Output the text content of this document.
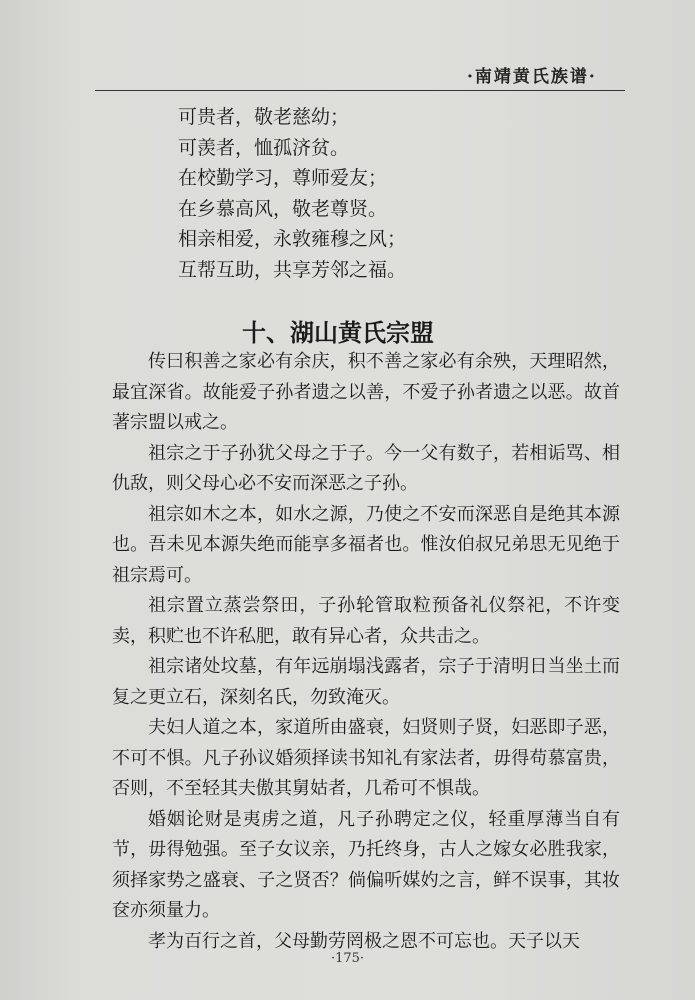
·南靖黄氏族谱·
可贵者，敬老慈幼；
可羡者，恤孤济贫。
在校勤学习，尊师爱友；
在乡慕高风，敬老尊贤。
相亲相爱，永敦雍穆之风；
互帮互助，共享芳邻之福。
十、湖山黄氏宗盟

传曰积善之家必有余庆，积不善之家必有余殃，天理昭然，最宜深省。故能爱子孙者遗之以善，不爱子孙者遗之以恶。故首著宗盟以戒之。

祖宗之于子孙犹父母之于子。今一父有数子，若相诟骂、相仇敌，则父母心必不安而深恶之子孙。

祖宗如木之本，如水之源，乃使之不安而深恶自是绝其本源也。吾未见本源失绝而能享多福者也。惟汝伯叔兄弟思无见绝于祖宗焉可。

祖宗置立蒸尝祭田，子孙轮管取粒预备礼仪祭祀，不许变卖，积贮也不许私肥，敢有异心者，众共击之。

祖宗诸处坟墓，有年远崩塌浅露者，宗子于清明日当坐土而复之更立石，深刻名氏，勿致淹灭。

夫妇人道之本，家道所由盛衰，妇贤则子贤，妇恶即子恶，不可不惧。凡子孙议婚须择读书知礼有家法者，毋得苟慕富贵，否则，不至轻其夫傲其舅姑者，几希可不惧哉。

婚姻论财是夷虏之道，凡子孙聘定之仪，轻重厚薄当自有节，毋得勉强。至子女议亲，乃托终身，古人之嫁女必胜我家，须择家势之盛衰、子之贤否？倘偏听媒妁之言，鲜不误事，其妆奁亦须量力。

孝为百行之首，父母勤劳罔极之恩不可忘也。天子以天

·175·
